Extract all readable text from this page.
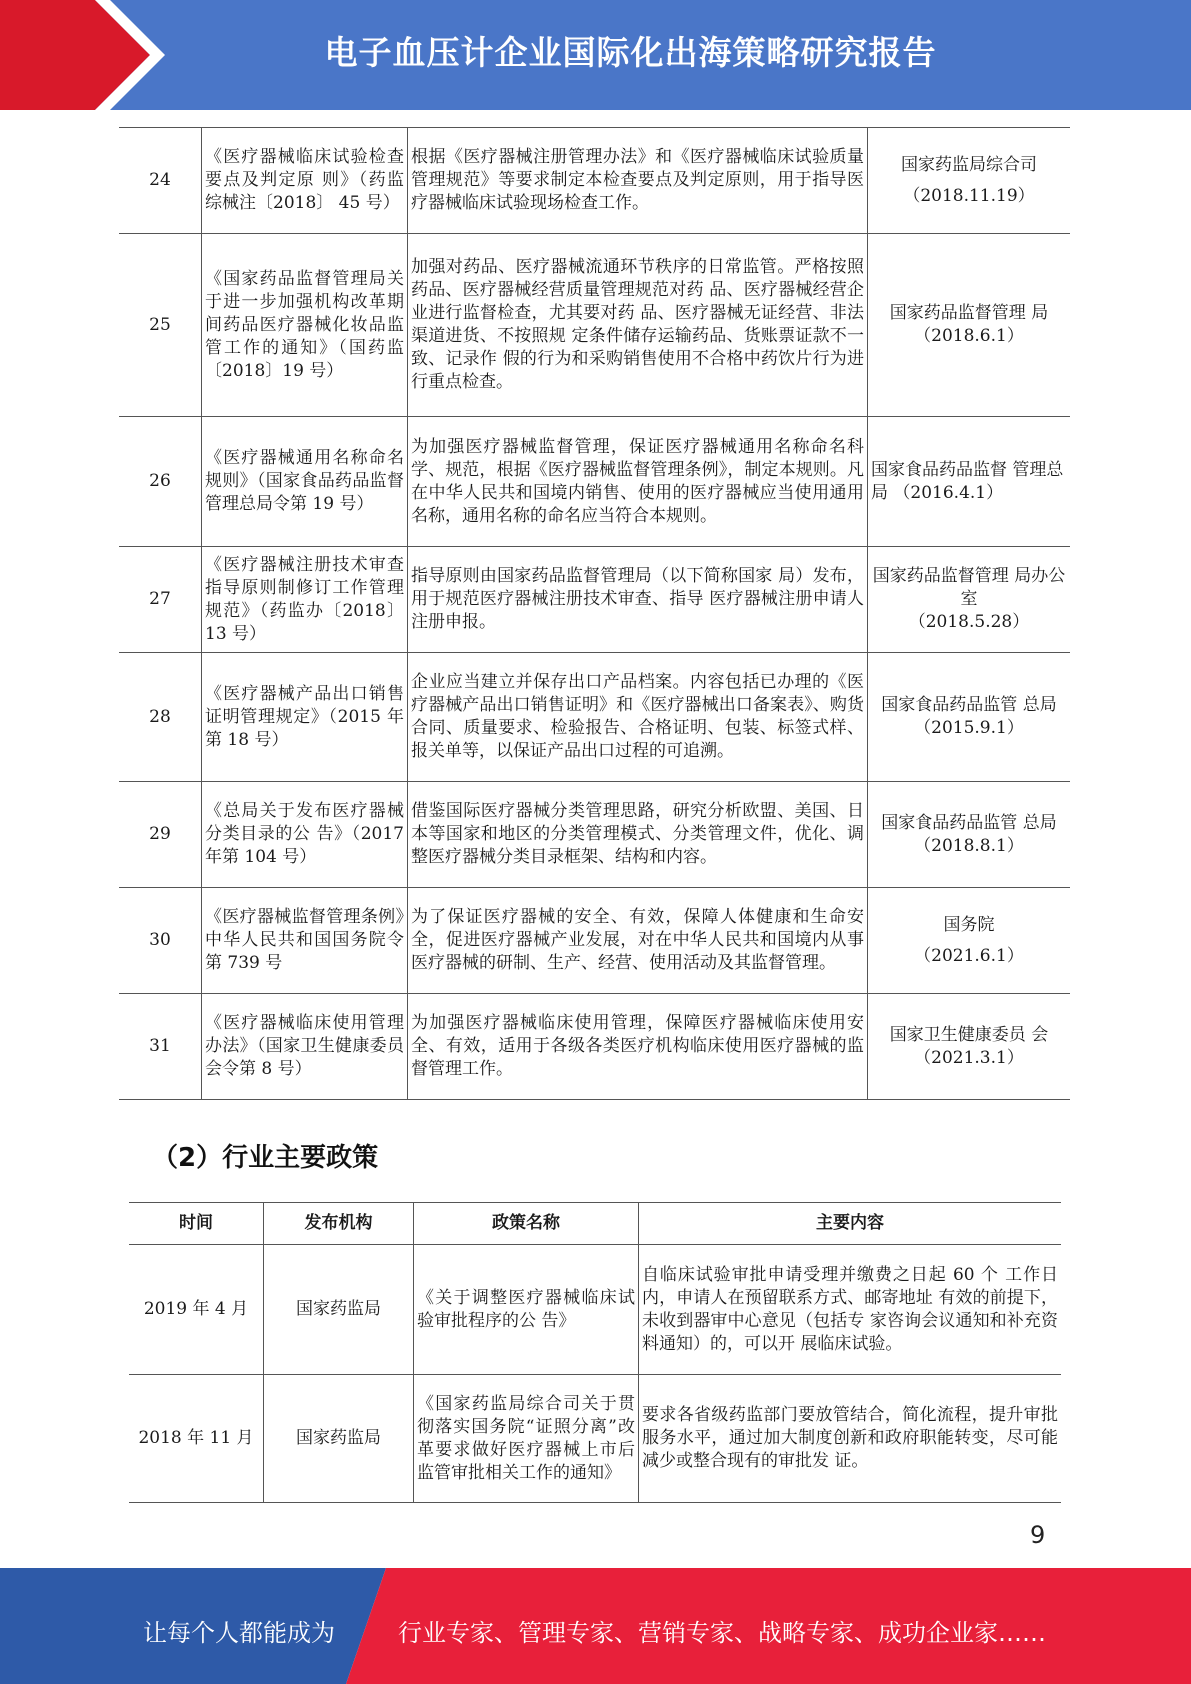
电子血压计企业国际化出海策略研究报告
24	《医疗器械临床试验检查要点及判定原 则》（药监综械注〔2018〕 45 号）	根据《医疗器械注册管理办法》和《医疗器械临床试验质量管理规范》等要求制定本检查要点及判定原则，用于指导医疗器械临床试验现场检查工作。	国家药监局综合司
（2018.11.19）

25	《国家药品监督管理局关于进一步加强机构改革期间药品医疗器械化妆品监管工作的通知》（国药监〔2018〕19 号）	加强对药品、医疗器械流通环节秩序的日常监管。严格按照药品、医疗器械经营质量管理规范对药 品、医疗器械经营企业进行监督检查，尤其要对药 品、医疗器械无证经营、非法渠道进货、不按照规 定条件储存运输药品、货账票证款不一致、记录作 假的行为和采购销售使用不合格中药饮片行为进 行重点检查。	国家药品监督管理 局
（2018.6.1）

26	《医疗器械通用名称命名规则》（国家食品药品监督管理总局令第 19 号）	为加强医疗器械监督管理，保证医疗器械通用名称命名科学、规范，根据《医疗器械监督管理条例》，制定本规则。凡在中华人民共和国境内销售、使用的医疗器械应当使用通用名称，通用名称的命名应当符合本规则。	国家食品药品监督 管理总局 （2016.4.1）

27	《医疗器械注册技术审查指导原则制修订工作管理规范》（药监办〔2018〕13 号）	指导原则由国家药品监督管理局（以下简称国家 局）发布，用于规范医疗器械注册技术审查、指导 医疗器械注册申请人注册申报。	国家药品监督管理 局办公室
（2018.5.28）

28	《医疗器械产品出口销售证明管理规定》（2015 年第 18 号）	企业应当建立并保存出口产品档案。内容包括已办理的《医疗器械产品出口销售证明》和《医疗器械出口备案表》、购货合同、质量要求、检验报告、合格证明、包装、标签式样、报关单等，以保证产品出口过程的可追溯。	国家食品药品监管 总局
（2015.9.1）

29	《总局关于发布医疗器械分类目录的公 告》（2017 年第 104 号）	借鉴国际医疗器械分类管理思路，研究分析欧盟、美国、日本等国家和地区的分类管理模式、分类管理文件，优化、调整医疗器械分类目录框架、结构和内容。	国家食品药品监管 总局
（2018.8.1）

30	《医疗器械监督管理条例》中华人民共和国国务院令第 739 号	为了保证医疗器械的安全、有效，保障人体健康和生命安全，促进医疗器械产业发展，对在中华人民共和国境内从事医疗器械的研制、生产、经营、使用活动及其监督管理。	国务院
（2021.6.1）

31	《医疗器械临床使用管理办法》（国家卫生健康委员会令第 8 号）	为加强医疗器械临床使用管理，保障医疗器械临床使用安全、有效，适用于各级各类医疗机构临床使用医疗器械的监督管理工作。	国家卫生健康委员 会
（2021.3.1）
（2）行业主要政策
时间	发布机构	政策名称	主要内容
2019 年 4 月	国家药监局	《关于调整医疗器械临床试验审批程序的公 告》	自临床试验审批申请受理并缴费之日起 60 个 工作日内，申请人在预留联系方式、邮寄地址 有效的前提下，未收到器审中心意见（包括专 家咨询会议通知和补充资料通知）的，可以开 展临床试验。
2018 年 11 月	国家药监局	《国家药监局综合司关于贯彻落实国务院“证照分离”改革要求做好医疗器械上市后监管审批相关工作的通知》	要求各省级药监部门要放管结合，简化流程，提升审批服务水平，通过加大制度创新和政府职能转变，尽可能减少或整合现有的审批发 证。
9
让每个人都能成为	行业专家、管理专家、营销专家、战略专家、成功企业家……
